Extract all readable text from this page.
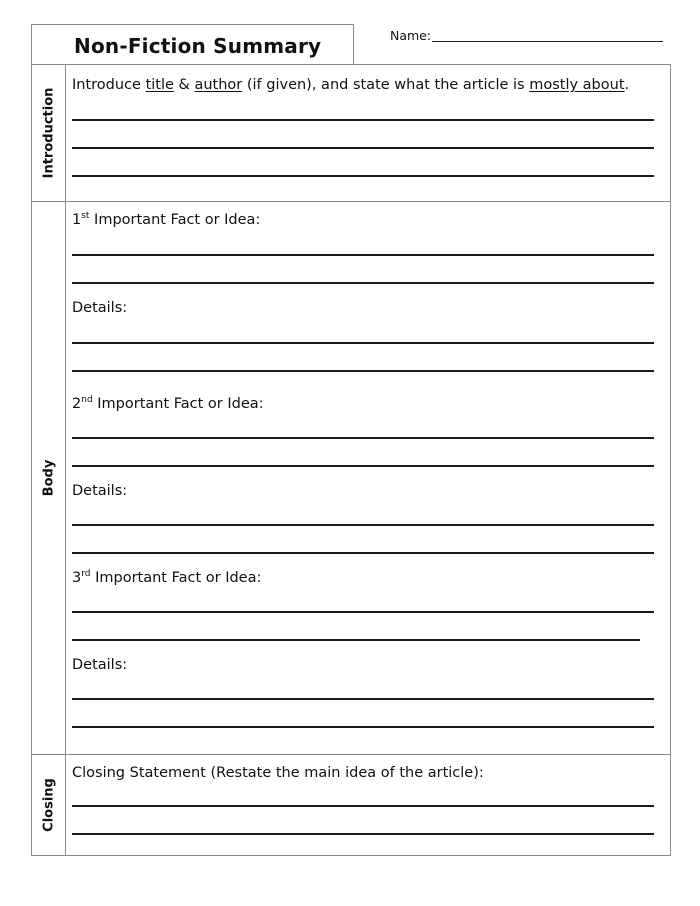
Non-Fiction Summary	Name:
Introduction
Introduce title & author (if given), and state what the article is mostly about.
Body
1st Important Fact or Idea:
Details:
2nd Important Fact or Idea:
Details:
3rd Important Fact or Idea:
Details:
Closing
Closing Statement (Restate the main idea of the article):
